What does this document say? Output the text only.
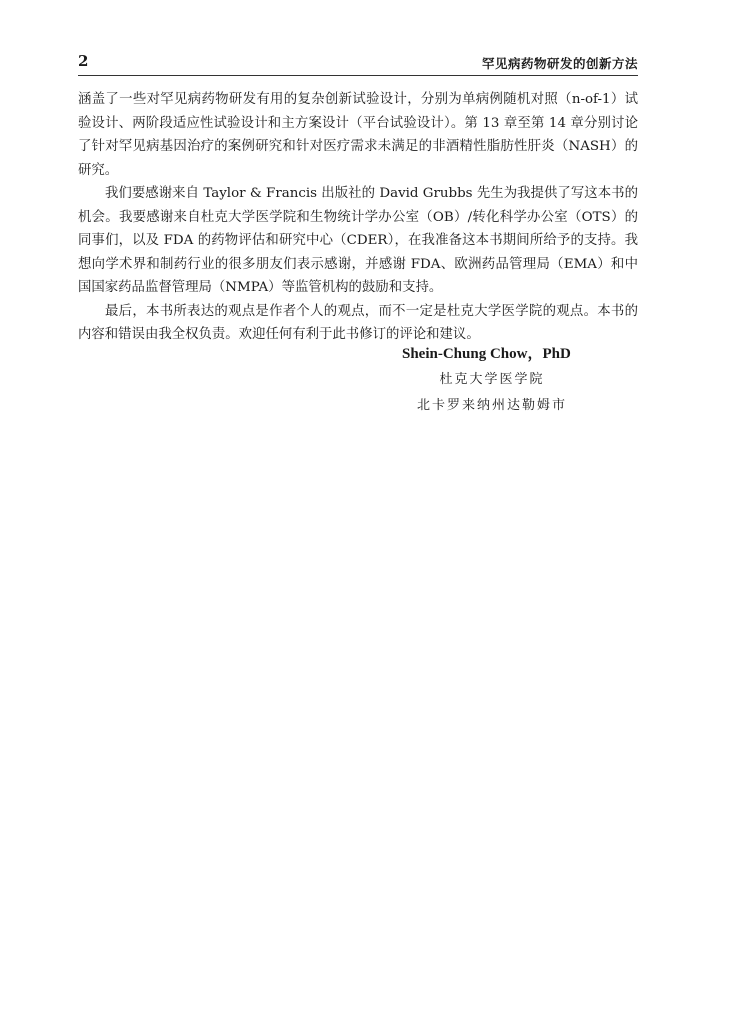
2	罕见病药物研发的创新方法

涵盖了一些对罕见病药物研发有用的复杂创新试验设计，分别为单病例随机对照（n-of-1）试验设计、两阶段适应性试验设计和主方案设计（平台试验设计）。第 13 章至第 14 章分别讨论了针对罕见病基因治疗的案例研究和针对医疗需求未满足的非酒精性脂肪性肝炎（NASH）的研究。

我们要感谢来自 Taylor & Francis 出版社的 David Grubbs 先生为我提供了写这本书的机会。我要感谢来自杜克大学医学院和生物统计学办公室（OB）/转化科学办公室（OTS）的同事们，以及 FDA 的药物评估和研究中心（CDER），在我准备这本书期间所给予的支持。我想向学术界和制药行业的很多朋友们表示感谢，并感谢 FDA、欧洲药品管理局（EMA）和中国国家药品监督管理局（NMPA）等监管机构的鼓励和支持。

最后，本书所表达的观点是作者个人的观点，而不一定是杜克大学医学院的观点。本书的内容和错误由我全权负责。欢迎任何有利于此书修订的评论和建议。

Shein-Chung Chow，PhD

杜克大学医学院

北卡罗来纳州达勒姆市
